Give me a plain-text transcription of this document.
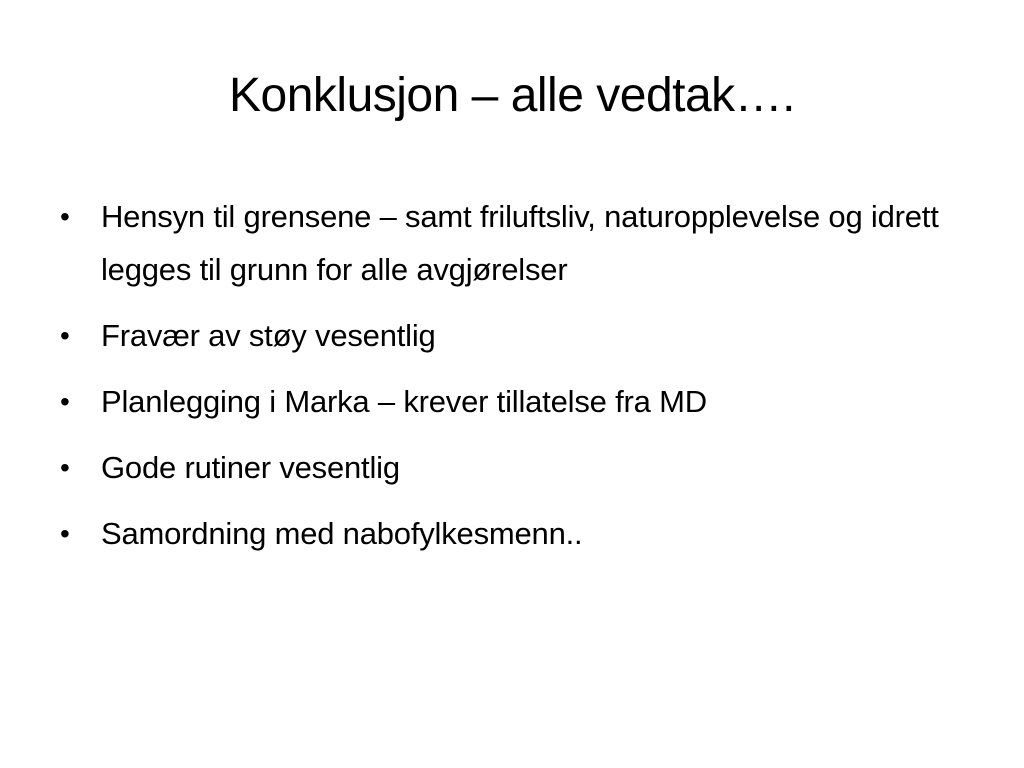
Konklusjon – alle vedtak….
•	Hensyn til grensene – samt friluftsliv, naturopplevelse og idrett legges til grunn for alle avgjørelser
•	Fravær av støy vesentlig
•	Planlegging i Marka – krever tillatelse fra MD
•	Gode rutiner vesentlig
•	Samordning med nabofylkesmenn..
